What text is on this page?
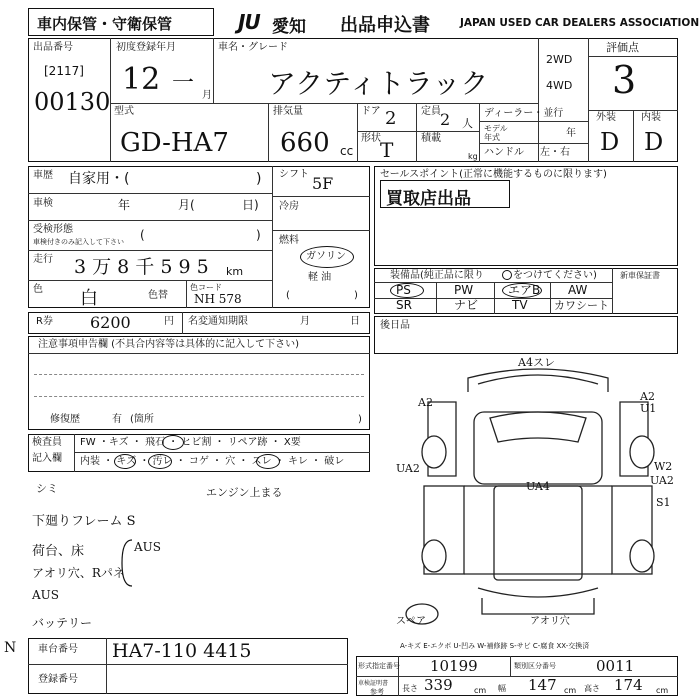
車内保管・守衛保管	JU 愛知 出品申込書	JAPAN USED CAR DEALERS ASSOCIATION
出品番号
[2117]
00130
初度登録年月
12 一 月
車名・グレード
アクティトラック
2WD
4WD
評価点
3
外装	内装
D D
型式
GD-HA7
排気量
660 cc
ドア 2 定員 2 人
形状 T	積載
kg
ディーラー・並行
モデル年式	年
ハンドル 左・右
車歴 自家用・(	)
車検	年	月(	日)
受検形態
車検付きのみ記入して下さい (	)
走行 3 万 8 千 5 9 5 km
色 白	色替
色コード
NH 578
シフト 5F
冷房
燃料
ガソリン
軽 油
(	)
セールスポイント(正常に機能するものに限ります)
買取店出品
装備品(純正品に限り	をつけてください)	新車保証書
PS	PW	エアB AW
SR	ナビ	TV カワシート
R券 6200	円 名変通知期限	月	日 後日品
注意事項申告欄 (不具合内容等は具体的に記入して下さい)
修復歴	有 (箇所	)
検査員
記入欄
FW ・キズ ・ 飛石 ・ ヒビ割 ・ リペア跡 ・ X要
内装 ・ キズ ・ 汚レ ・ コゲ ・ 穴 ・ スレ ・ キレ ・ 破レ
シミ	エンジン上まる
下廻りフレーム S
荷台、床	AUS
アオリ穴、Rパネ
AUS
バッテリー
A4スレ
A2	A2
U1
UA2
UA4
W2
UA2
S1
スペア	アオリ穴
A-キズ E-エクボ U-凹み W-補修跡 S-サビ C-腐食 XX-交換済
N 車台番号 HA7-110 4415
登録番号
形式指定番号 10199	類別区分番号	0011
車検証明書
参考 長さ 339	cm 幅 147 cm 高さ 174 cm
